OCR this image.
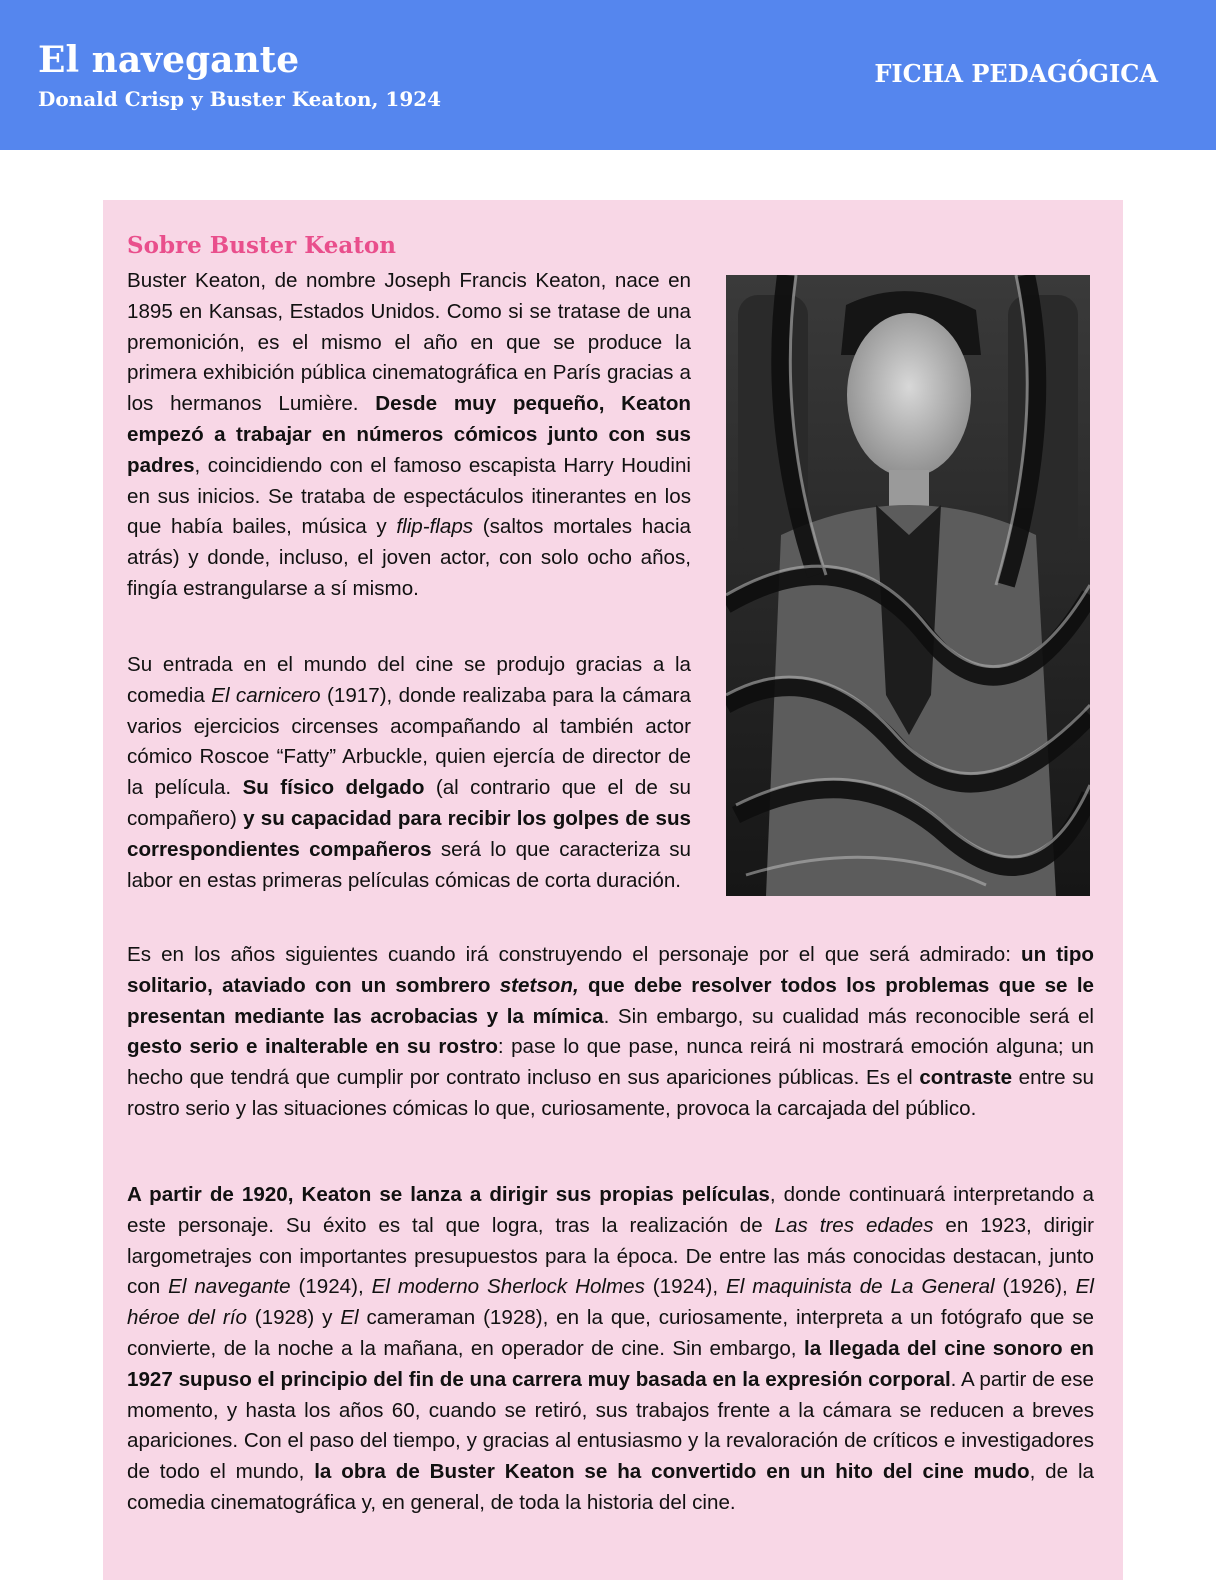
El navegante
Donald Crisp y Buster Keaton, 1924
FICHA PEDAGÓGICA
Sobre Buster Keaton

Buster Keaton, de nombre Joseph Francis Keaton, nace en 1895 en Kansas, Estados Unidos. Como si se tratase de una premonición, es el mismo el año en que se produce la primera exhibición pública cinematográfica en París gracias a los hermanos Lumière. Desde muy pequeño, Keaton empezó a trabajar en números cómicos junto con sus padres, coincidiendo con el famoso escapista Harry Houdini en sus inicios. Se trataba de espectáculos itinerantes en los que había bailes, música y flip-flaps (saltos mortales hacia atrás) y donde, incluso, el joven actor, con solo ocho años, fingía estrangularse a sí mismo.

Su entrada en el mundo del cine se produjo gracias a la comedia El carnicero (1917), donde realizaba para la cámara varios ejercicios circenses acompañando al también actor cómico Roscoe “Fatty” Arbuckle, quien ejercía de director de la película. Su físico delgado (al contrario que el de su compañero) y su capacidad para recibir los golpes de sus correspondientes compañeros será lo que caracteriza su labor en estas primeras películas cómicas de corta duración.

Es en los años siguientes cuando irá construyendo el personaje por el que será admirado: un tipo solitario, ataviado con un sombrero stetson, que debe resolver todos los problemas que se le presentan mediante las acrobacias y la mímica. Sin embargo, su cualidad más reconocible será el gesto serio e inalterable en su rostro: pase lo que pase, nunca reirá ni mostrará emoción alguna; un hecho que tendrá que cumplir por contrato incluso en sus apariciones públicas. Es el contraste entre su rostro serio y las situaciones cómicas lo que, curiosamente, provoca la carcajada del público.

A partir de 1920, Keaton se lanza a dirigir sus propias películas, donde continuará interpretando a este personaje. Su éxito es tal que logra, tras la realización de Las tres edades en 1923, dirigir largometrajes con importantes presupuestos para la época. De entre las más conocidas destacan, junto con El navegante (1924), El moderno Sherlock Holmes (1924), El maquinista de La General (1926), El héroe del río (1928) y El cameraman (1928), en la que, curiosamente, interpreta a un fotógrafo que se convierte, de la noche a la mañana, en operador de cine. Sin embargo, la llegada del cine sonoro en 1927 supuso el principio del fin de una carrera muy basada en la expresión corporal. A partir de ese momento, y hasta los años 60, cuando se retiró, sus trabajos frente a la cámara se reducen a breves apariciones. Con el paso del tiempo, y gracias al entusiasmo y la revaloración de críticos e investigadores de todo el mundo, la obra de Buster Keaton se ha convertido en un hito del cine mudo, de la comedia cinematográfica y, en general, de toda la historia del cine.
